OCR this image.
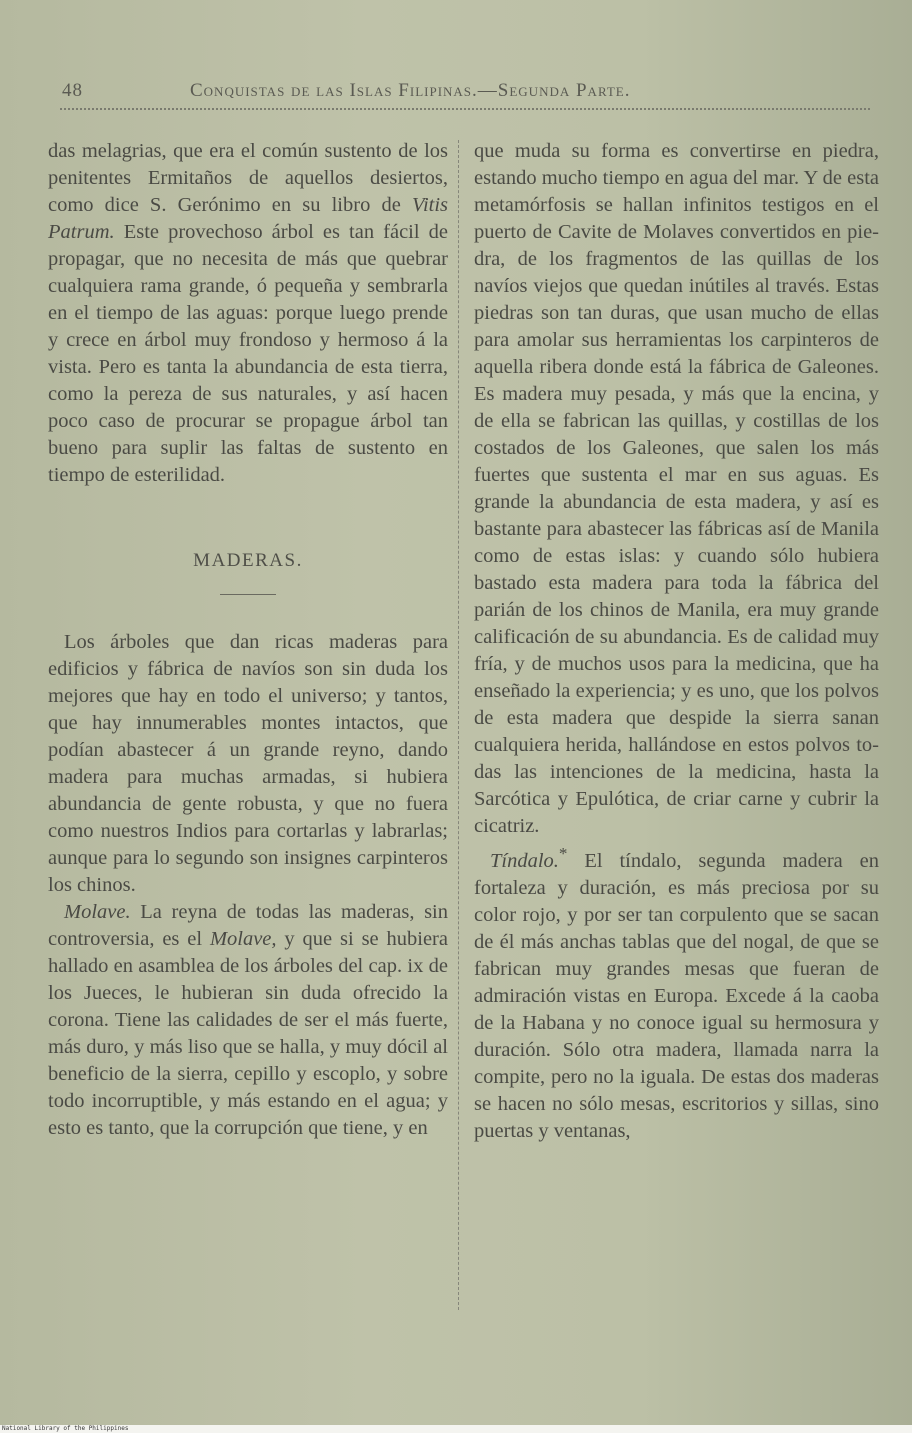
48	Conquistas de las Islas Filipinas.—Segunda Parte.

das melagrias, que era el común sustento de los penitentes Ermitaños de aquellos desiertos, como dice S. Gerónimo en su libro de Vitis Patrum. Este provechoso árbol es tan fácil de propagar, que no necesita de más que quebrar cualquiera rama grande, ó pequeña y sembrarla en el tiempo de las aguas: porque luego prende y crece en árbol muy frondoso y hermoso á la vista. Pero es tanta la abundancia de esta tierra, como la pereza de sus naturales, y así hacen poco caso de procurar se propague árbol tan bueno para suplir las faltas de sustento en tiempo de esterilidad.

MADERAS.

Los árboles que dan ricas maderas para edificios y fábrica de navíos son sin duda los mejores que hay en todo el universo; y tantos, que hay innumerables montes intactos, que podían abastecer á un grande reyno, dando madera para muchas armadas, si hubiera abundancia de gente robusta, y que no fuera como nuestros Indios para cortarlas y labrarlas; aunque para lo segundo son insignes carpinteros los chinos.

Molave. La reyna de todas las maderas, sin controversia, es el Molave, y que si se hubiera hallado en asamblea de los árboles del cap. ix de los Jueces, le hubieran sin duda ofrecido la corona. Tiene las calidades de ser el más fuerte, más duro, y más liso que se halla, y muy dócil al beneficio de la sierra, cepillo y escoplo, y sobre todo incorruptible, y más estando en el agua; y esto es tanto, que la corrupción que tiene, y en

que muda su forma es convertirse en piedra, estando mucho tiempo en agua del mar. Y de esta metamórfosis se hallan infinitos testigos en el puerto de Cavite de Molaves convertidos en piedra, de los fragmentos de las quillas de los navíos viejos que quedan inútiles al través. Estas piedras son tan duras, que usan mucho de ellas para amolar sus herramientas los carpinteros de aquella ribera donde está la fábrica de Galeones. Es madera muy pesada, y más que la encina, y de ella se fabrican las quillas, y costillas de los costados de los Galeones, que salen los más fuertes que sustenta el mar en sus aguas. Es grande la abundancia de esta madera, y así es bastante para abastecer las fábricas así de Manila como de estas islas: y cuando sólo hubiera bastado esta madera para toda la fábrica del parián de los chinos de Manila, era muy grande calificación de su abundancia. Es de calidad muy fría, y de muchos usos para la medicina, que ha enseñado la experiencia; y es uno, que los polvos de esta madera que despide la sierra sanan cualquiera herida, hallándose en estos polvos todas las intenciones de la medicina, hasta la Sarcótica y Epulótica, de criar carne y cubrir la cicatriz.

Tíndalo.* El tíndalo, segunda madera en fortaleza y duración, es más preciosa por su color rojo, y por ser tan corpulento que se sacan de él más anchas tablas que del nogal, de que se fabrican muy grandes mesas que fueran de admiración vistas en Europa. Excede á la caoba de la Habana y no conoce igual su hermosura y duración. Sólo otra madera, llamada narra la compite, pero no la iguala. De estas dos maderas se hacen no sólo mesas, escritorios y sillas, sino puertas y ventanas,

National Library of the Philippines
